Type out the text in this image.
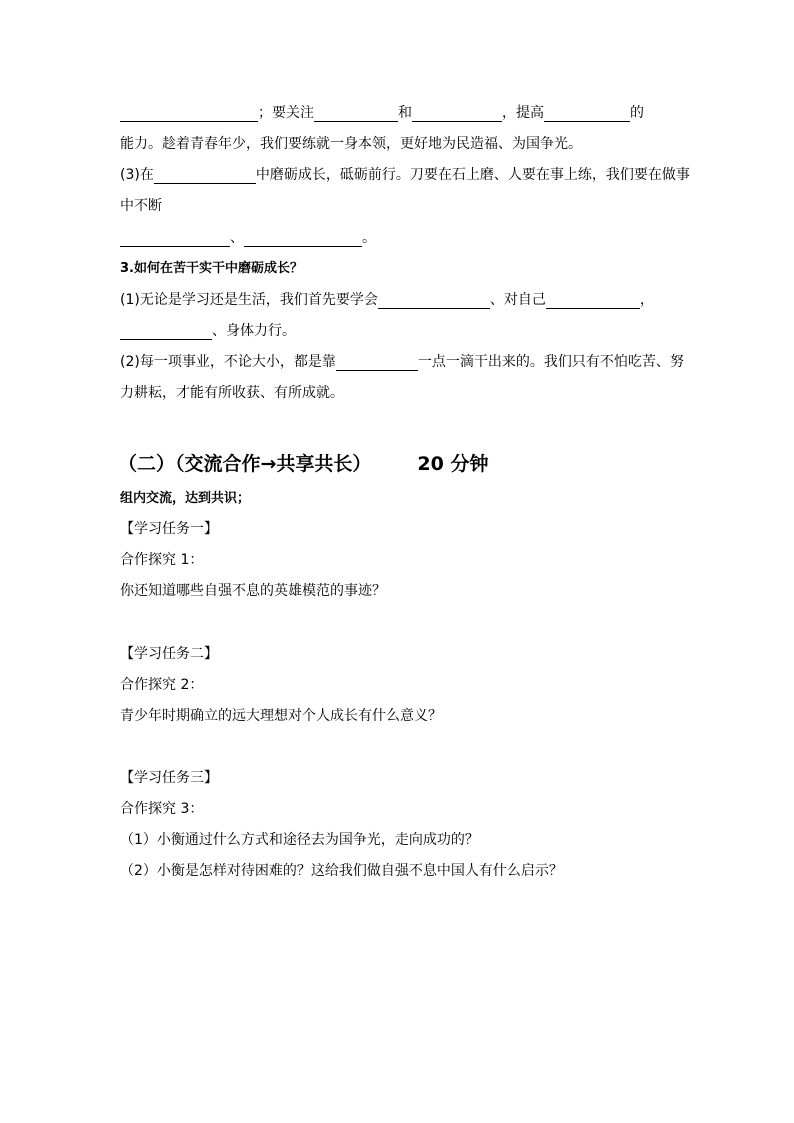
；要关注	和	，提高	的
能力。趁着青春年少，我们要练就一身本领，更好地为民造福、为国争光。
(3)在	中磨砺成长，砥砺前行。刀要在石上磨、人要在事上练，我们要在做事
中不断
、	。
3.如何在苦干实干中磨砺成长？
(1)无论是学习还是生活，我们首先要学会	、对自己	，
、身体力行。
(2)每一项事业，不论大小，都是靠	一点一滴干出来的。我们只有不怕吃苦、努
力耕耘，才能有所收获、有所成就。
（二）（交流合作→共享共长） 20 分钟
组内交流，达到共识；
【学习任务一】
合作探究 1：
你还知道哪些自强不息的英雄模范的事迹？
【学习任务二】
合作探究 2：
青少年时期确立的远大理想对个人成长有什么意义？
【学习任务三】
合作探究 3：
（1）小衡通过什么方式和途径去为国争光，走向成功的？
（2）小衡是怎样对待困难的？这给我们做自强不息中国人有什么启示？
